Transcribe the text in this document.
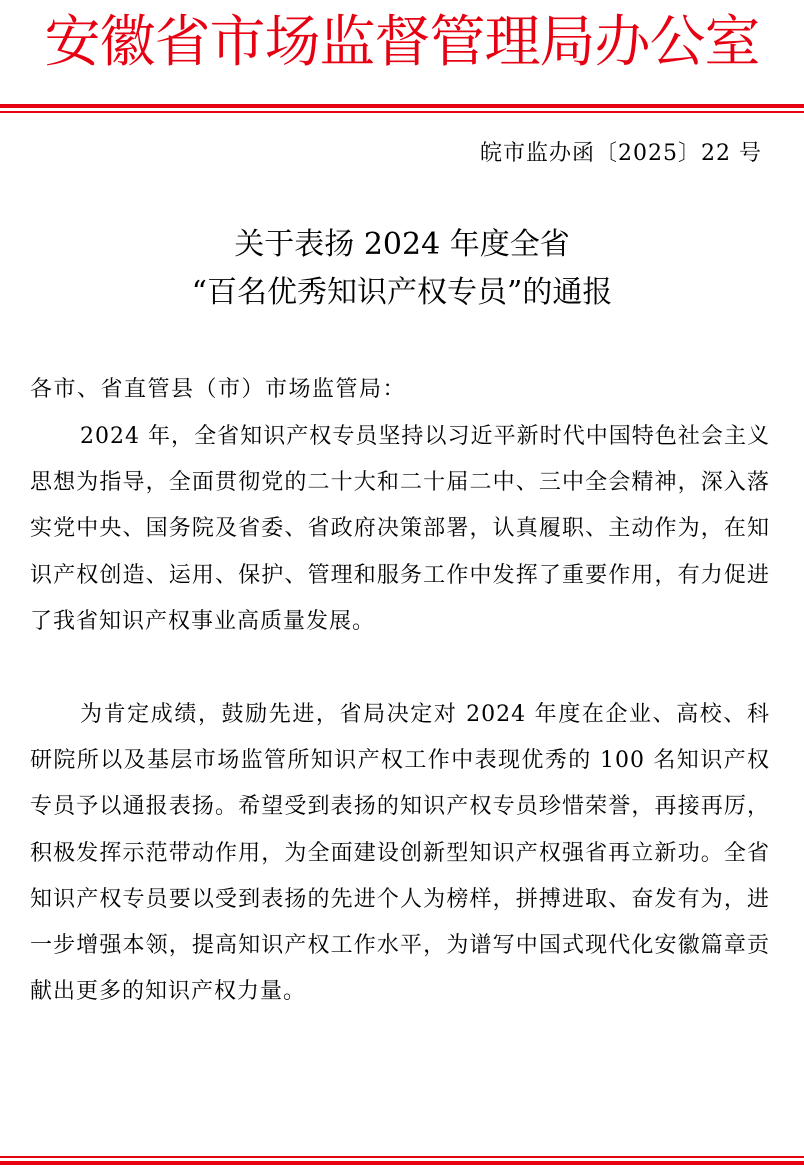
安徽省市场监督管理局办公室
皖市监办函〔2025〕22 号
关于表扬 2024 年度全省
“百名优秀知识产权专员”的通报
各市、省直管县（市）市场监管局：

2024 年，全省知识产权专员坚持以习近平新时代中国特色社会主义思想为指导，全面贯彻党的二十大和二十届二中、三中全会精神，深入落实党中央、国务院及省委、省政府决策部署，认真履职、主动作为，在知识产权创造、运用、保护、管理和服务工作中发挥了重要作用，有力促进了我省知识产权事业高质量发展。

为肯定成绩，鼓励先进，省局决定对 2024 年度在企业、高校、科研院所以及基层市场监管所知识产权工作中表现优秀的 100 名知识产权专员予以通报表扬。希望受到表扬的知识产权专员珍惜荣誉，再接再厉，积极发挥示范带动作用，为全面建设创新型知识产权强省再立新功。全省知识产权专员要以受到表扬的先进个人为榜样，拼搏进取、奋发有为，进一步增强本领，提高知识产权工作水平，为谱写中国式现代化安徽篇章贡献出更多的知识产权力量。
